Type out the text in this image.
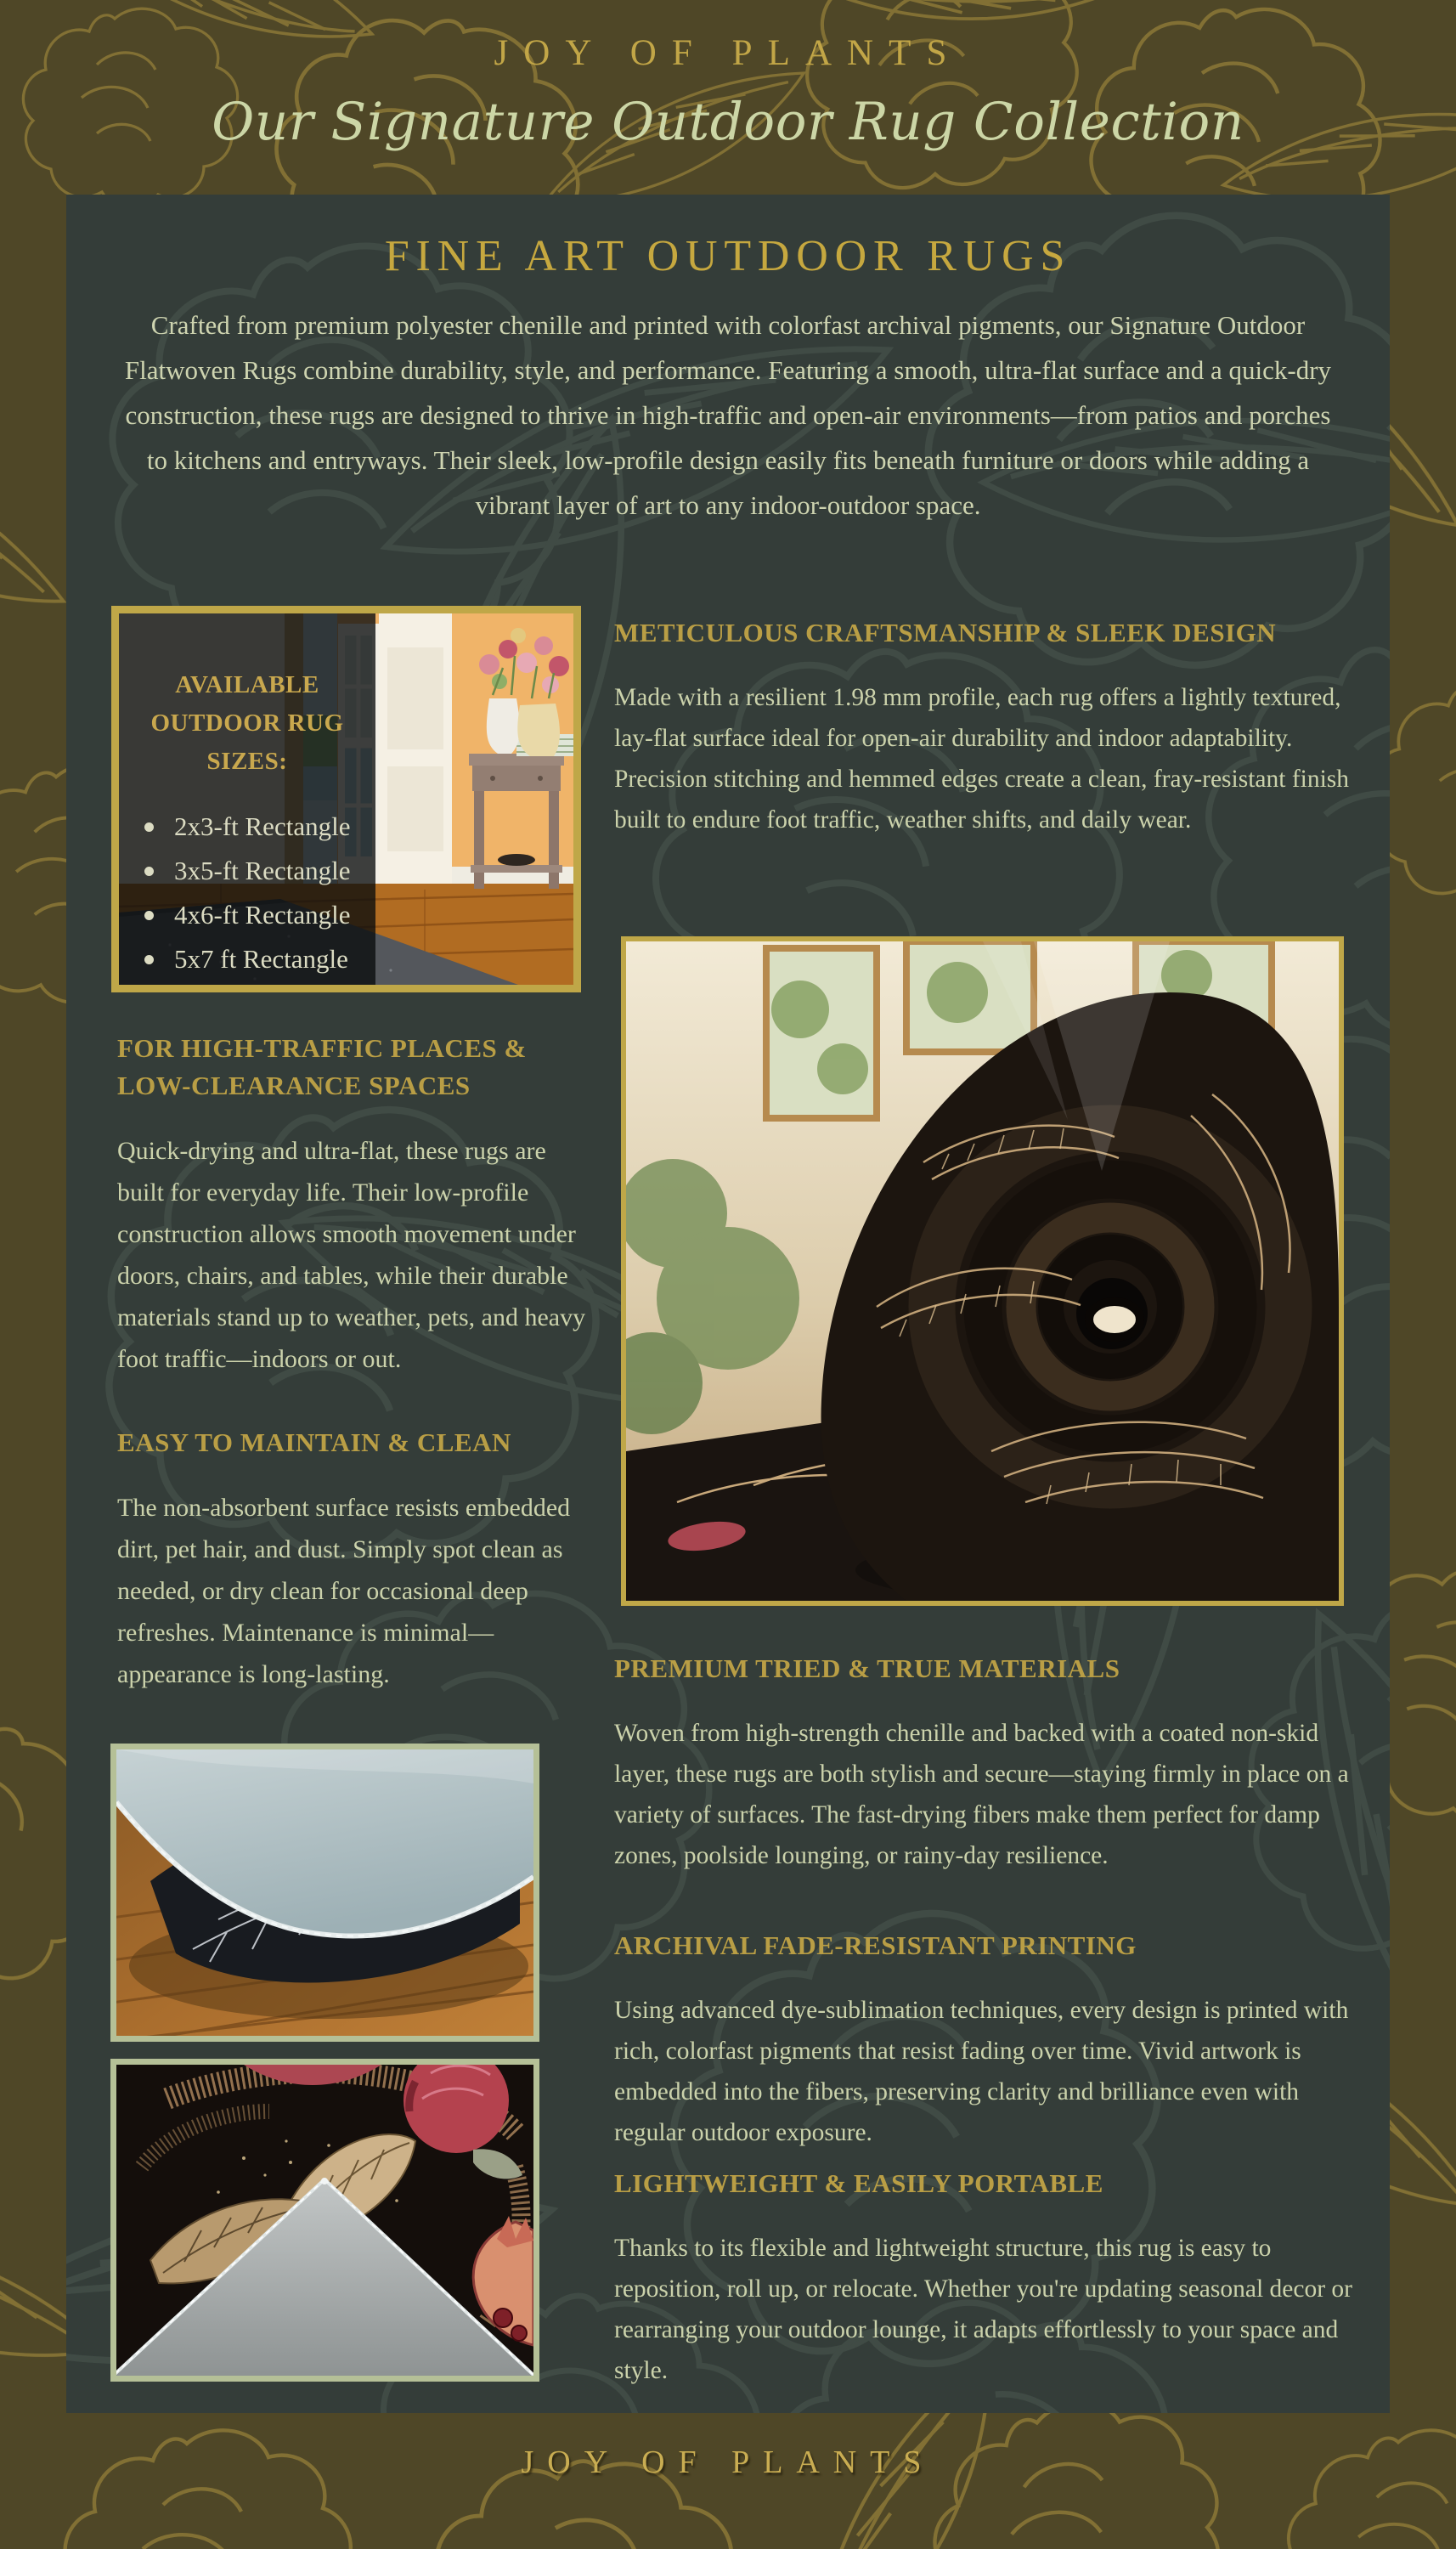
JOY OF PLANTS
Our Signature Outdoor Rug Collection
FINE ART OUTDOOR RUGS
Crafted from premium polyester chenille and printed with colorfast archival pigments, our Signature Outdoor Flatwoven Rugs combine durability, style, and performance. Featuring a smooth, ultra-flat surface and a quick-dry construction, these rugs are designed to thrive in high-traffic and open-air environments—from patios and porches to kitchens and entryways. Their sleek, low-profile design easily fits beneath furniture or doors while adding a vibrant layer of art to any indoor-outdoor space.
AVAILABLE OUTDOOR RUG SIZES:
2x3-ft Rectangle
3x5-ft Rectangle
4x6-ft Rectangle
5x7 ft Rectangle
METICULOUS CRAFTSMANSHIP & SLEEK DESIGN

Made with a resilient 1.98 mm profile, each rug offers a lightly textured, lay-flat surface ideal for open-air durability and indoor adaptability. Precision stitching and hemmed edges create a clean, fray-resistant finish built to endure foot traffic, weather shifts, and daily wear.

FOR HIGH-TRAFFIC PLACES & LOW-CLEARANCE SPACES

Quick-drying and ultra-flat, these rugs are built for everyday life. Their low-profile construction allows smooth movement under doors, chairs, and tables, while their durable materials stand up to weather, pets, and heavy foot traffic—indoors or out.

EASY TO MAINTAIN & CLEAN

The non-absorbent surface resists embedded dirt, pet hair, and dust. Simply spot clean as needed, or dry clean for occasional deep refreshes. Maintenance is minimal—appearance is long-lasting.	PREMIUM TRIED & TRUE MATERIALS

Woven from high-strength chenille and backed with a coated non-skid layer, these rugs are both stylish and secure—staying firmly in place on a variety of surfaces. The fast-drying fibers make them perfect for damp zones, poolside lounging, or rainy-day resilience.

ARCHIVAL FADE-RESISTANT PRINTING

Using advanced dye-sublimation techniques, every design is printed with rich, colorfast pigments that resist fading over time. Vivid artwork is embedded into the fibers, preserving clarity and brilliance even with regular outdoor exposure.

LIGHTWEIGHT & EASILY PORTABLE

Thanks to its flexible and lightweight structure, this rug is easy to reposition, roll up, or relocate. Whether you're updating seasonal decor or rearranging your outdoor lounge, it adapts effortlessly to your space and style.

JOY OF PLANTS
